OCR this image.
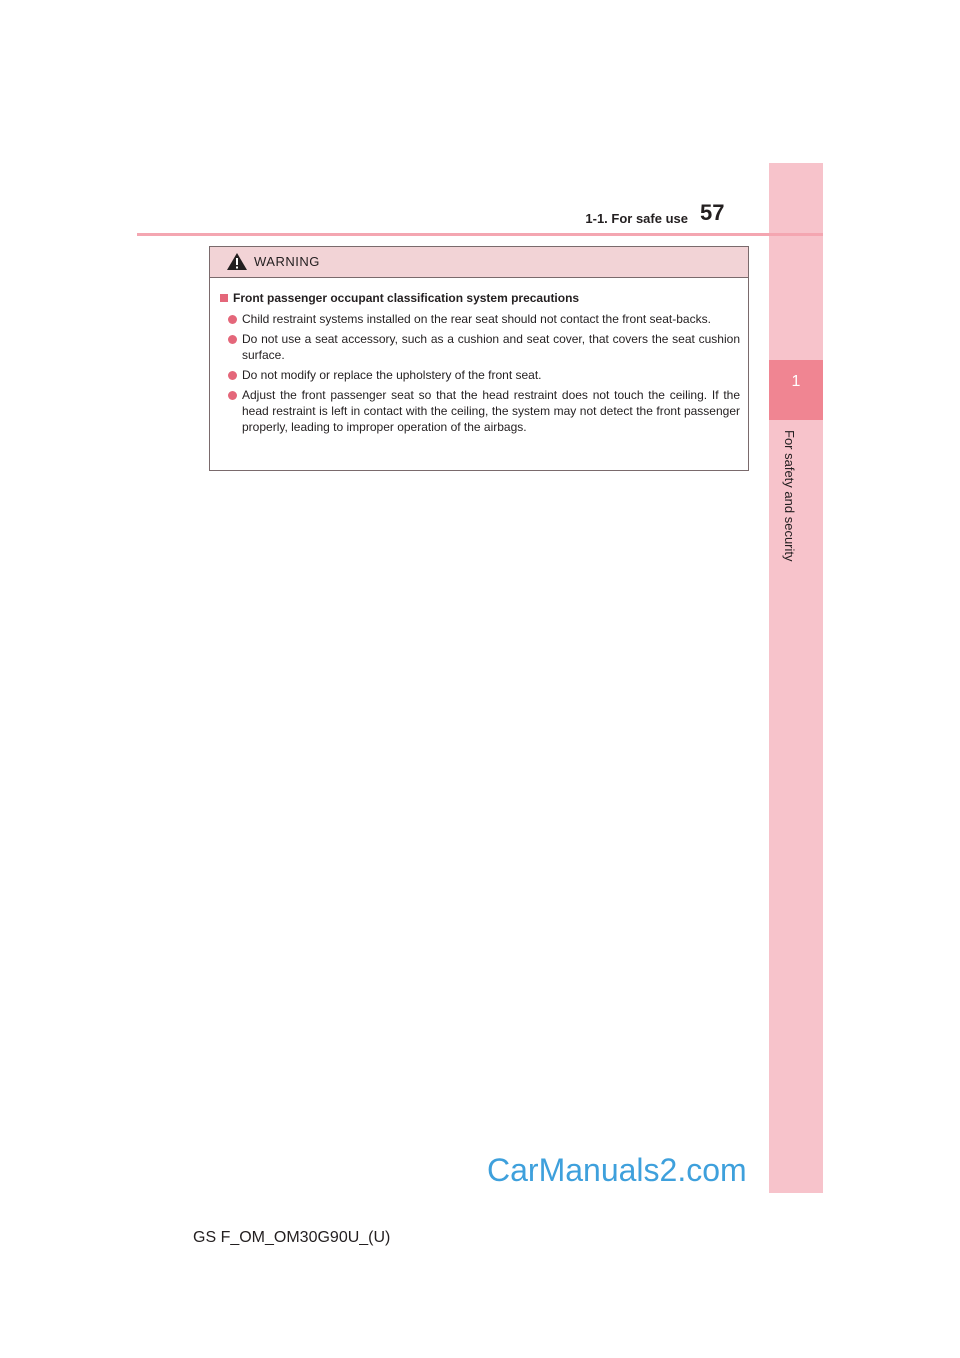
1
For safety and security
1-1. For safe use 57
WARNING
Front passenger occupant classification system precautions
Child restraint systems installed on the rear seat should not contact the front seat-backs.
Do not use a seat accessory, such as a cushion and seat cover, that covers the seat cushion surface.
Do not modify or replace the upholstery of the front seat.
Adjust the front passenger seat so that the head restraint does not touch the ceiling. If the head restraint is left in contact with the ceiling, the system may not detect the front passenger properly, leading to improper operation of the airbags.
CarManuals2.com
GS F_OM_OM30G90U_(U)
